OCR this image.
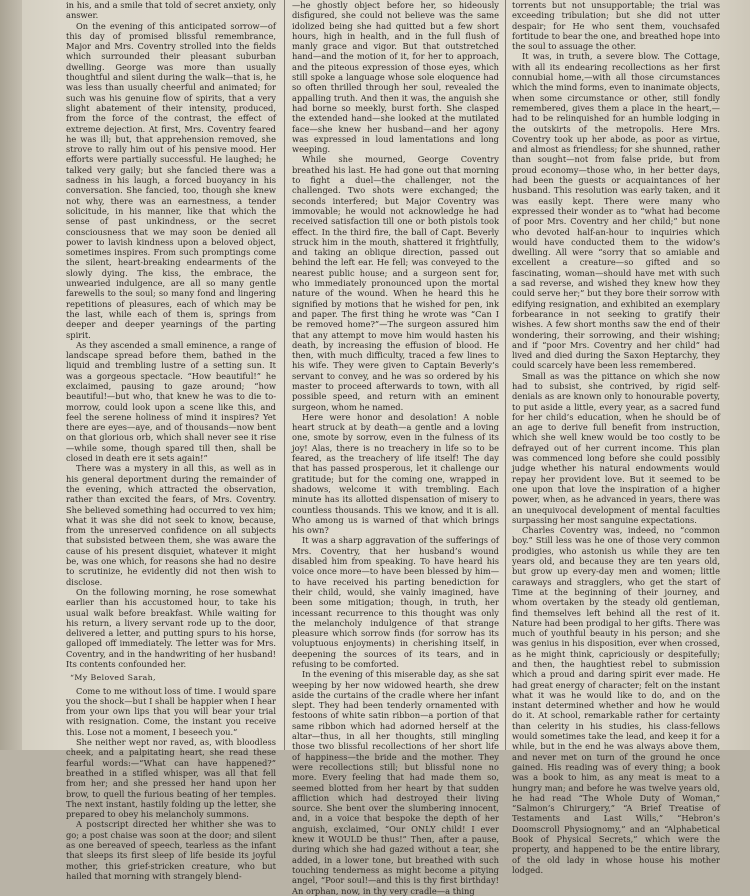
in his, and a smile that told of secret anxiety, only answer.

On the evening of this anticipated sorrow—of this day of promised blissful remembrance, Major and Mrs. Coventry strolled into the fields which surrounded their pleasant suburban dwelling. George was more than usually thoughtful and silent during the walk—that is, he was less than usually cheerful and animated; for such was his genuine flow of spirits, that a very slight abatement of their intensity, produced, from the force of the contrast, the effect of extreme dejection. At first, Mrs. Coventry feared he was ill; but, that apprehension removed, she strove to rally him out of his pensive mood. Her efforts were partially successful. He laughed; he talked very gaily; but she fancied there was a sadness in his laugh, a forced buoyancy in his conversation. She fancied, too, though she knew not why, there was an earnestness, a tender solicitude, in his manner, like that which the sense of past unkindness, or the secret consciousness that we may soon be denied all power to lavish kindness upon a beloved object, sometimes inspires. From such promptings come the silent, heart-breaking endearments of the slowly dying. The kiss, the embrace, the unwearied indulgence, are all so many gentle farewells to the soul; so many fond and lingering repetitions of pleasures, each of which may be the last, while each of them is, springs from deeper and deeper yearnings of the parting spirit.

As they ascended a small eminence, a range of landscape spread before them, bathed in the liquid and trembling lustre of a setting sun. It was a gorgeous spectacle. “How beautiful!” he exclaimed, pausing to gaze around; “how beautiful!—but who, that knew he was to die to-morrow, could look upon a scene like this, and feel the serene holiness of mind it inspires? Yet there are eyes—aye, and of thousands—now bent on that glorious orb, which shall never see it rise—while some, though spared till then, shall be closed in death ere it sets again!”

There was a mystery in all this, as well as in his general deportment during the remainder of the evening, which attracted the observation, rather than excited the fears, of Mrs. Coventry. She believed something had occurred to vex him; what it was she did not seek to know, because, from the unreserved confidence on all subjects that subsisted between them, she was aware the cause of his present disquiet, whatever it might be, was one which, for reasons she had no desire to scrutinize, he evidently did not then wish to disclose.

On the following morning, he rose somewhat earlier than his accustomed hour, to take his usual walk before breakfast. While waiting for his return, a livery servant rode up to the door, delivered a letter, and putting spurs to his horse, galloped off immediately. The letter was for Mrs. Coventry, and in the handwriting of her husband! Its contents confounded her.

“My Beloved Sarah,

Come to me without loss of time. I would spare you the shock—but I shall be happier when I hear from your own lips that you will bear your trial with resignation. Come, the instant you receive this. Lose not a moment, I beseech you.”

She neither wept nor raved, as, with bloodless cheek, and a palpitating heart, she read these fearful words:—“What can have happened?” breathed in a stifled whisper, was all that fell from her; and she pressed her hand upon her brow, to quell the furious beating of her temples. The next instant, hastily folding up the letter, she prepared to obey his melancholy summons.

A postscript directed her whither she was to go; a post chaise was soon at the door; and silent as one bereaved of speech, tearless as the infant that sleeps its first sleep of life beside its joyful mother, this grief-stricken creature, who but hailed that morning with strangely blend-

—he ghostly object before her, so hideously disfigured, she could not believe was the same idolized being she had quitted but a few short hours, high in health, and in the full flush of manly grace and vigor. But that outstretched hand—and the motion of it, for her to approach, and the piteous expression of those eyes, which still spoke a language whose sole eloquence had so often thrilled through her soul, revealed the appalling truth. And then it was, the anguish she had borne so meekly, burst forth. She clasped the extended hand—she looked at the mutilated face—she knew her husband—and her agony was expressed in loud lamentations and long weeping.

While she mourned, George Coventry breathed his last. He had gone out that morning to fight a duel—the challenger, not the challenged. Two shots were exchanged; the seconds interfered; but Major Coventry was immovable; he would not acknowledge he had received satisfaction till one or both pistols took effect. In the third fire, the ball of Capt. Beverly struck him in the mouth, shattered it frightfully, and taking an oblique direction, passed out behind the left ear. He fell; was conveyed to the nearest public house; and a surgeon sent for, who immediately pronounced upon the mortal nature of the wound. When he heard this he signified by motions that he wished for pen, ink and paper. The first thing he wrote was “Can I be removed home?”—The surgeon assured him that any attempt to move him would hasten his death, by increasing the effusion of blood. He then, with much difficulty, traced a few lines to his wife. They were given to Captain Beverly’s servant to convey, and he was so ordered by his master to proceed afterwards to town, with all possible speed, and return with an eminent surgeon, whom he named.

Here were honor and desolation! A noble heart struck at by death—a gentle and a loving one, smote by sorrow, even in the fulness of its joy! Alas, there is no treachery in life so to be feared, as the treachery of life itself! The day that has passed prosperous, let it challenge our gratitude; but for the coming one, wrapped in shadows, welcome it with trembling. Each minute has its allotted dispensation of misery to countless thousands. This we know, and it is all. Who among us is warned of that which brings his own?

It was a sharp aggravation of the sufferings of Mrs. Coventry, that her husband’s wound disabled him from speaking. To have heard his voice once more—to have been blessed by him—to have received his parting benediction for their child, would, she vainly imagined, have been some mitigation; though, in truth, her incessant recurrence to this thought was only the melancholy indulgence of that strange pleasure which sorrow finds (for sorrow has its voluptuous enjoyments) in cherishing itself, in deepening the sources of its tears, and in refusing to be comforted.

In the evening of this miserable day, as she sat weeping by her now widowed hearth, she drew aside the curtains of the cradle where her infant slept. They had been tenderly ornamented with festoons of white satin ribbon—a portion of that same ribbon which had adorned herself at the altar—thus, in all her thoughts, still mingling those two blissful recollections of her short life of happiness—the bride and the mother. They were recollections still; but blissful none no more. Every feeling that had made them so, seemed blotted from her heart by that sudden affliction which had destroyed their living source. She bent over the slumbering innocent, and, in a voice that bespoke the depth of her anguish, exclaimed, “Our ONLY child! I ever knew it WOULD be thus!” Then, after a pause, during which she had gazed without a tear, she added, in a lower tone, but breathed with such touching tenderness as might become a pitying angel, “Poor soul!—and this is thy first birthday! An orphan, now, in thy very cradle—a thing

torrents but not unsupportable; the trial was exceeding tribulation; but she did not utter despair; for He who sent them, vouchsafed fortitude to bear the one, and breathed hope into the soul to assuage the other.

It was, in truth, a severe blow. The Cottage, with all its endearing recollections as her first connubial home,—with all those circumstances which the mind forms, even to inanimate objects, when some circumstance or other, still fondly remembered, gives them a place in the heart,—had to be relinquished for an humble lodging in the outskirts of the metropolis. Here Mrs. Coventry took up her abode, as poor as virtue, and almost as friendless; for she shunned, rather than sought—not from false pride, but from proud economy—those who, in her better days, had been the guests or acquaintances of her husband. This resolution was early taken, and it was easily kept. There were many who expressed their wonder as to “what had become of poor Mrs. Coventry and her child;” but none who devoted half-an-hour to inquiries which would have conducted them to the widow’s dwelling. All were “sorry that so amiable and excellent a creature—so gifted and so fascinating, woman—should have met with such a sad reverse, and wished they knew how they could serve her;” but they bore their sorrow with edifying resignation, and exhibited an exemplary forbearance in not seeking to gratify their wishes. A few short months saw the end of their wondering, their sorrowing, and their wishing; and if “poor Mrs. Coventry and her child” had lived and died during the Saxon Heptarchy, they could scarcely have been less remembered.

Small as was the pittance on which she now had to subsist, she contrived, by rigid self-denials as are known only to honourable poverty, to put aside a little, every year, as a sacred fund for her child’s education, when he should be of an age to derive full benefit from instruction, which she well knew would be too costly to be defrayed out of her current income. This plan was commenced long before she could possibly judge whether his natural endowments would repay her provident love. But it seemed to be one upon that love the inspiration of a higher power, when, as he advanced in years, there was an unequivocal development of mental faculties surpassing her most sanguine expectations.

Charles Coventry was, indeed, no “common boy.” Still less was he one of those very common prodigies, who astonish us while they are ten years old, and because they are ten years old, but grow up every-day men and women; little caraways and stragglers, who get the start of Time at the beginning of their journey, and whom overtaken by the steady old gentleman, find themselves left behind all the rest of it. Nature had been prodigal to her gifts. There was much of youthful beauty in his person; and she was genius in his disposition, ever when crossed, as he might think, capriciously or despitefully; and then, the haughtiest rebel to submission which a proud and daring spirit ever made. He had great energy of character; felt on the instant what it was he would like to do, and on the instant determined whether and how he would do it. At school, remarkable rather for certainty than celerity in his studies, his class-fellows would sometimes take the lead, and keep it for a while, but in the end he was always above them, and never met on turn of the ground he once gained. His reading was of every thing; a book was a book to him, as any meat is meat to a hungry man; and before he was twelve years old, he had read “The Whole Duty of Woman,” “Salmon’s Chirurgery,” “A Brief Treatise of Testaments and Last Wills,” “Hebron’s Doomscroll Physiognomy,” and an “Alphabetical Book of Physical Secrets,” which were the property, and happened to be the entire library, of the old lady in whose house his mother lodged.
